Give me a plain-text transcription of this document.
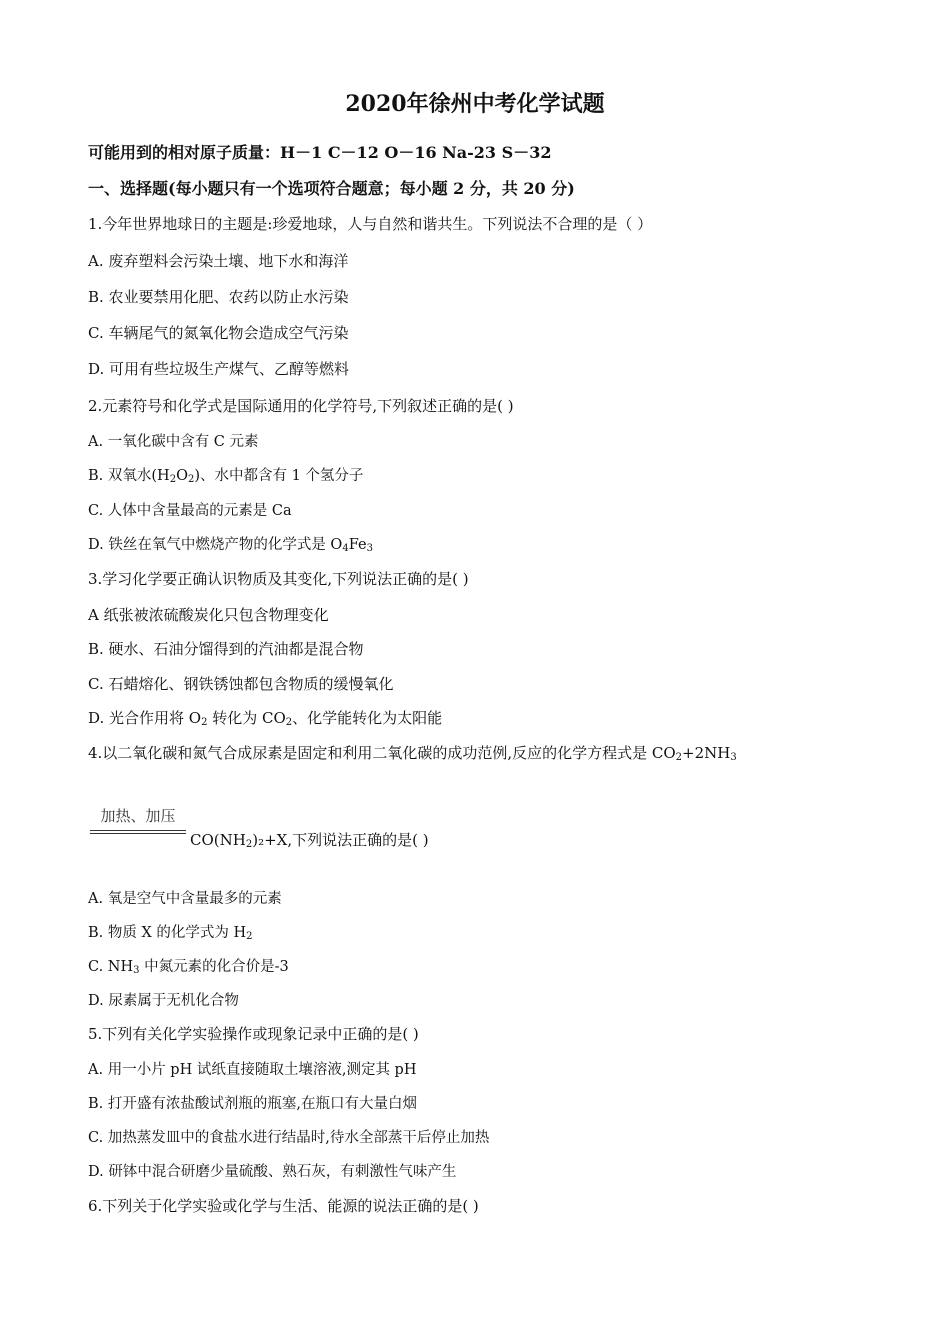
2020年徐州中考化学试题
可能用到的相对原子质量：H－1 C－12 O－16 Na-23 S－32
一、选择题(每小题只有一个选项符合题意；每小题 2 分，共 20 分)
1.今年世界地球日的主题是:珍爱地球，人与自然和谐共生。下列说法不合理的是（ ）
A. 废弃塑料会污染土壤、地下水和海洋
B. 农业要禁用化肥、农药以防止水污染
C. 车辆尾气的氮氧化物会造成空气污染
D. 可用有些垃圾生产煤气、乙醇等燃料
2.元素符号和化学式是国际通用的化学符号,下列叙述正确的是( )
A. 一氧化碳中含有 C 元素
B. 双氧水$(H_2O_2)$、水中都含有 1 个氢分子
C. 人体中含量最高的元素是 Ca
D. 铁丝在氧气中燃烧产物的化学式是 $O_4Fe_3$
3.学习化学要正确认识物质及其变化,下列说法正确的是( )
A 纸张被浓硫酸炭化只包含物理变化
B. 硬水、石油分馏得到的汽油都是混合物
C. 石蜡熔化、钢铁锈蚀都包含物质的缓慢氧化
D. 光合作用将 $O_2$ 转化为 $CO_2$、化学能转化为太阳能
4.以二氧化碳和氮气合成尿素是固定和利用二氧化碳的成功范例,反应的化学方程式是 $CO_2+2NH_3$
加热、加压
$CO(NH_2)_2+X$,下列说法正确的是( )
A. 氧是空气中含量最多的元素
B. 物质 X 的化学式为 $H_2$
C. $NH_3$ 中氮元素的化合价是-3
D. 尿素属于无机化合物
5.下列有关化学实验操作或现象记录中正确的是( )
A. 用一小片 pH 试纸直接随取土壤溶液,测定其 pH
B. 打开盛有浓盐酸试剂瓶的瓶塞,在瓶口有大量白烟
C. 加热蒸发皿中的食盐水进行结晶时,待水全部蒸干后停止加热
D. 研钵中混合研磨少量硫酸、熟石灰，有刺激性气味产生
6.下列关于化学实验或化学与生活、能源的说法正确的是( )
